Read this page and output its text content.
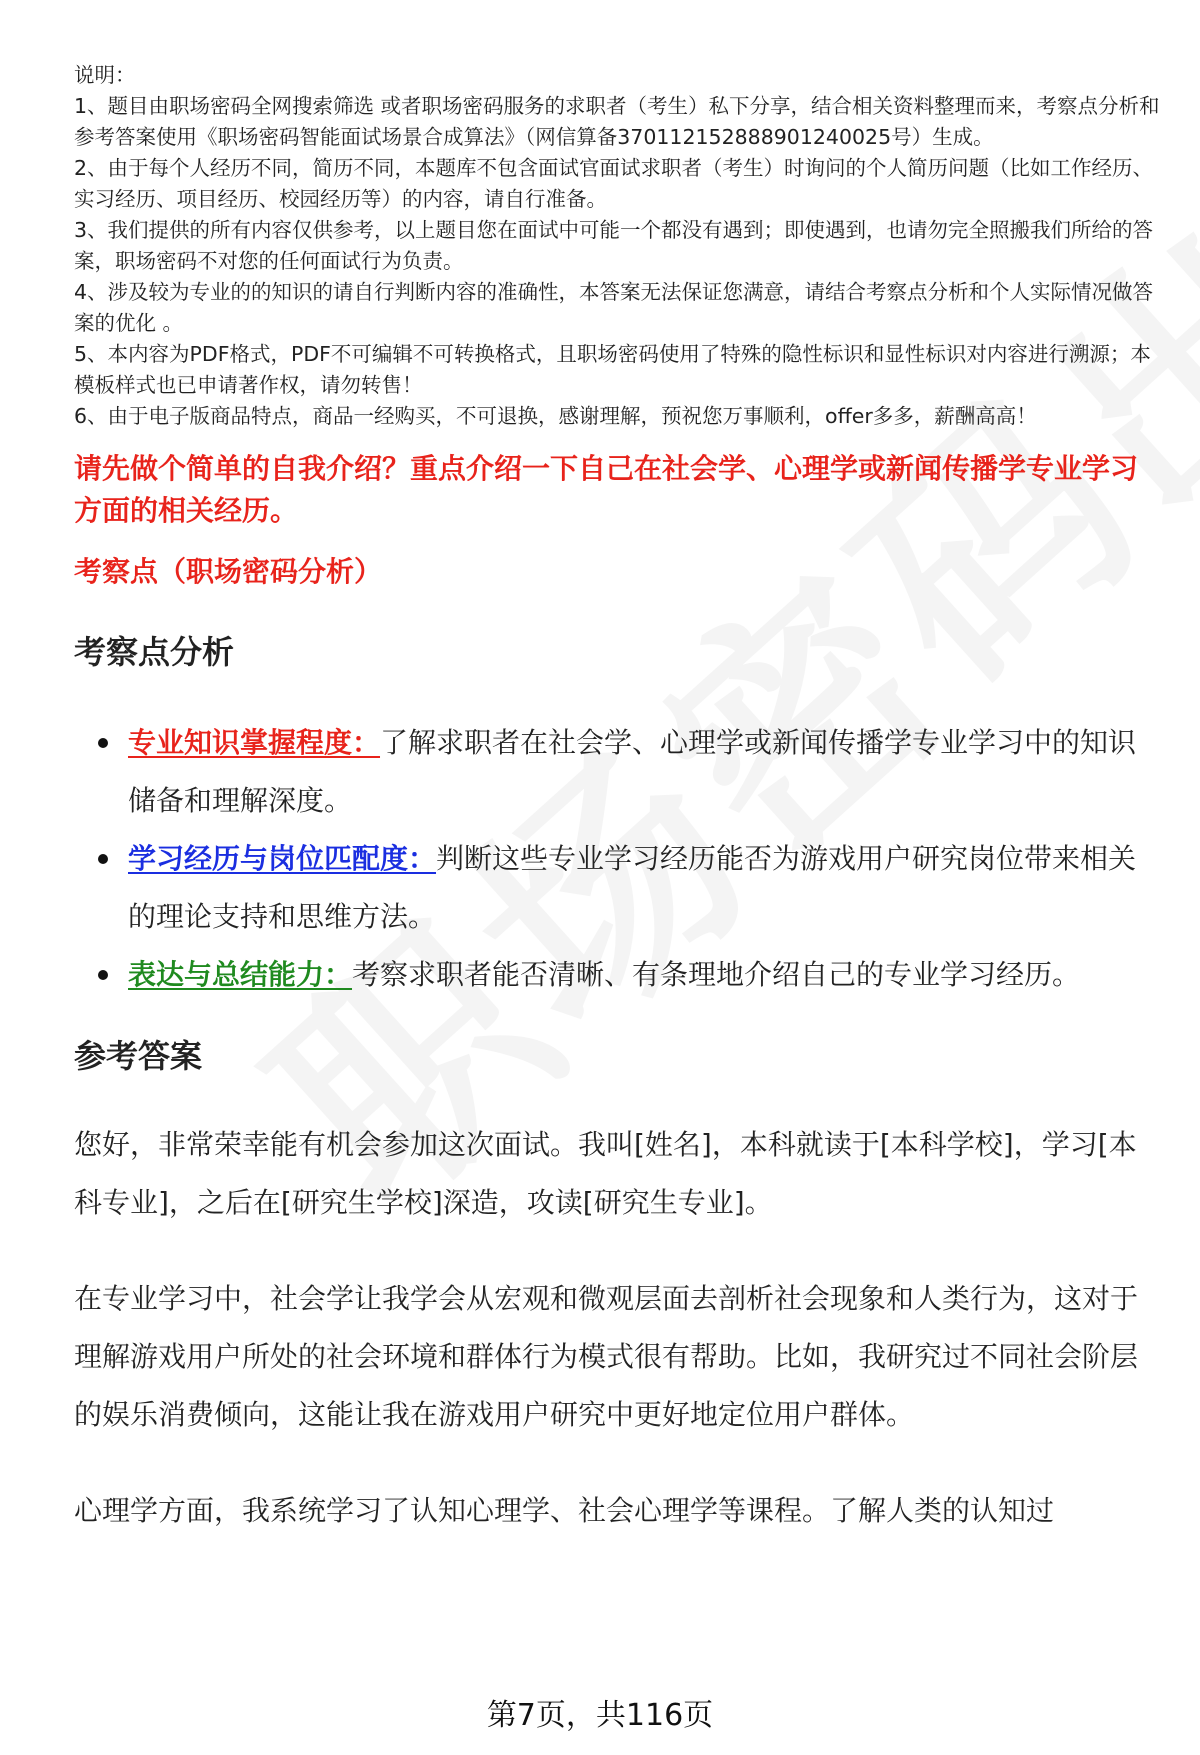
说明：

1、题目由职场密码全网搜索筛选 或者职场密码服务的求职者（考生）私下分享，结合相关资料整理而来，考察点分析和参考答案使用《职场密码智能面试场景合成算法》（网信算备370112152888901240025号）生成。

2、由于每个人经历不同，简历不同，本题库不包含面试官面试求职者（考生）时询问的个人简历问题（比如工作经历、实习经历、项目经历、校园经历等）的内容，请自行准备。

3、我们提供的所有内容仅供参考，以上题目您在面试中可能一个都没有遇到；即使遇到，也请勿完全照搬我们所给的答案，职场密码不对您的任何面试行为负责。

4、涉及较为专业的的知识的请自行判断内容的准确性，本答案无法保证您满意，请结合考察点分析和个人实际情况做答案的优化 。

5、本内容为PDF格式，PDF不可编辑不可转换格式，且职场密码使用了特殊的隐性标识和显性标识对内容进行溯源；本模板样式也已申请著作权，请勿转售！

6、由于电子版商品特点，商品一经购买，不可退换，感谢理解，预祝您万事顺利，offer多多，薪酬高高！

请先做个简单的自我介绍？重点介绍一下自己在社会学、心理学或新闻传播学专业学习方面的相关经历。
考察点（职场密码分析）
考察点分析
专业知识掌握程度：了解求职者在社会学、心理学或新闻传播学专业学习中的知识储备和理解深度。
学习经历与岗位匹配度：判断这些专业学习经历能否为游戏用户研究岗位带来相关的理论支持和思维方法。
表达与总结能力：考察求职者能否清晰、有条理地介绍自己的专业学习经历。
参考答案
您好，非常荣幸能有机会参加这次面试。我叫[姓名]，本科就读于[本科学校]，学习[本科专业]，之后在[研究生学校]深造，攻读[研究生专业]。
在专业学习中，社会学让我学会从宏观和微观层面去剖析社会现象和人类行为，这对于理解游戏用户所处的社会环境和群体行为模式很有帮助。比如，我研究过不同社会阶层的娱乐消费倾向，这能让我在游戏用户研究中更好地定位用户群体。
心理学方面，我系统学习了认知心理学、社会心理学等课程。了解人类的认知过
第7页，共116页
